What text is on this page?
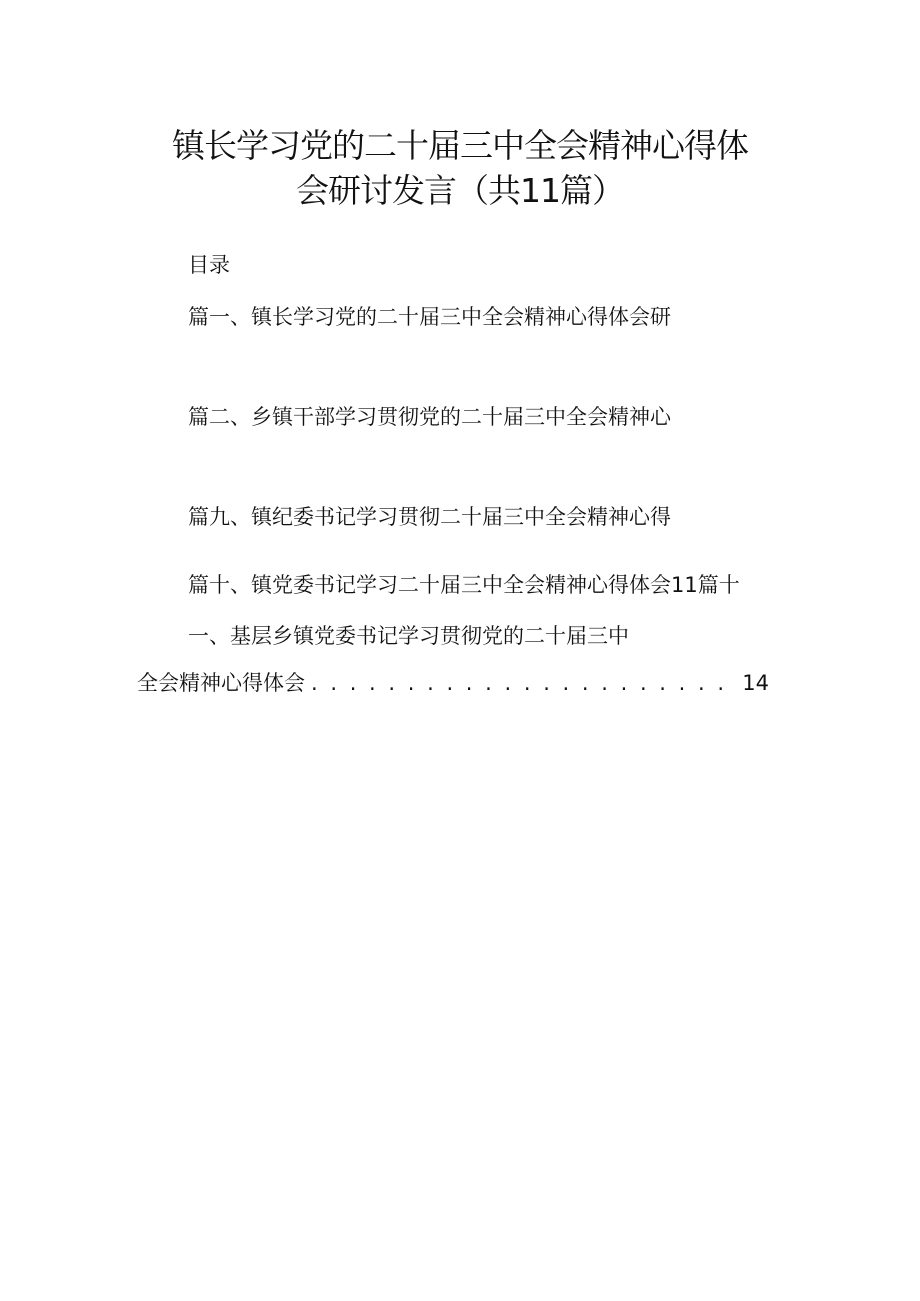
镇长学习党的二十届三中全会精神心得体
会研讨发言（共11篇）
目录
篇一、镇长学习党的二十届三中全会精神心得体会研
篇二、乡镇干部学习贯彻党的二十届三中全会精神心
篇九、镇纪委书记学习贯彻二十届三中全会精神心得
篇十、镇党委书记学习二十届三中全会精神心得体会11篇十
一、基层乡镇党委书记学习贯彻党的二十届三中
全会精神心得体会
. . .	14
